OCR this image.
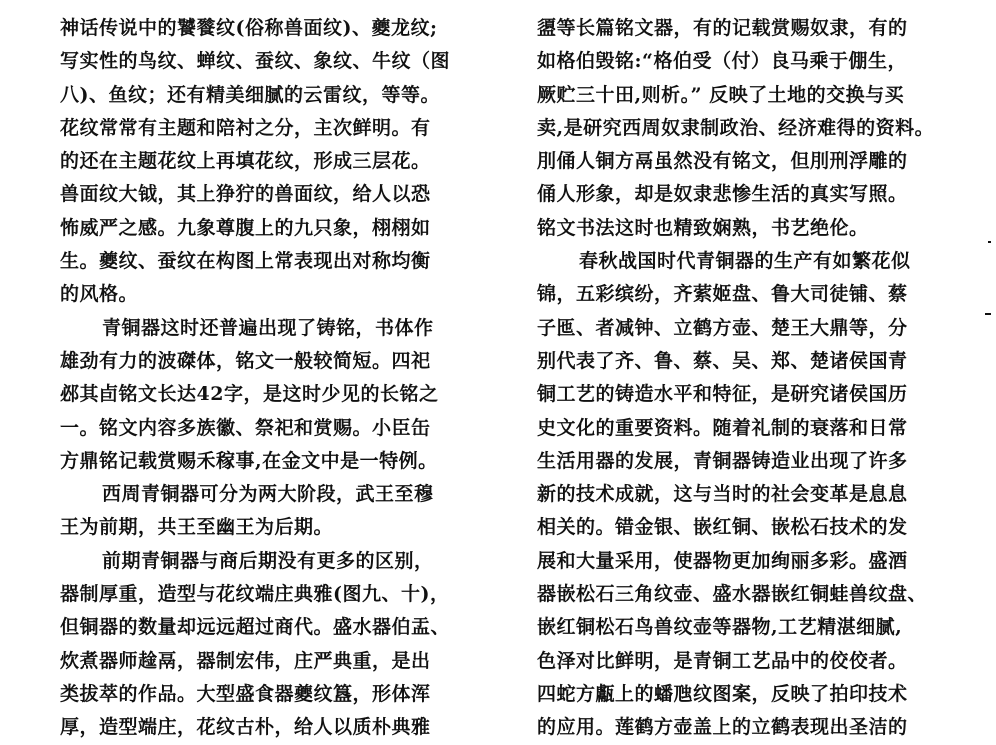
神话传说中的饕餮纹(俗称兽面纹)、夔龙纹;
写实性的鸟纹、蝉纹、蚕纹、象纹、牛纹（图
八)、鱼纹；还有精美细腻的云雷纹，等等。
花纹常常有主题和陪衬之分，主次鲜明。有
的还在主题花纹上再填花纹，形成三层花。
兽面纹大钺，其上狰狞的兽面纹，给人以恐
怖威严之感。九象尊腹上的九只象，栩栩如
生。夔纹、蚕纹在构图上常表现出对称均衡
的风格。
青铜器这时还普遍出现了铸铭，书体作
雄劲有力的波磔体，铭文一般较简短。四祀
邲其卣铭文长达42字，是这时少见的长铭之
一。铭文内容多族徽、祭祀和赏赐。小臣缶
方鼎铭记载赏赐禾稼事,在金文中是一特例。
西周青铜器可分为两大阶段，武王至穆
王为前期，共王至幽王为后期。
前期青铜器与商后期没有更多的区别，
器制厚重，造型与花纹端庄典雅(图九、十)，
但铜器的数量却远远超过商代。盛水器伯盂、
炊煮器师趛鬲，器制宏伟，庄严典重，是出
类拔萃的作品。大型盛食器夔纹簋，形体浑
厚，造型端庄，花纹古朴，给人以质朴典雅
盨等长篇铭文器，有的记载赏赐奴隶，有的
如格伯毁铭:“格伯受（付）良马乘于倗生，
厥贮三十田,则析。” 反映了土地的交换与买
卖,是研究西周奴隶制政治、经济难得的资料。
刖俑人铜方鬲虽然没有铭文，但刖刑浮雕的
俑人形象，却是奴隶悲惨生活的真实写照。
铭文书法这时也精致娴熟，书艺绝伦。
春秋战国时代青铜器的生产有如繁花似
锦，五彩缤纷，齐萦姬盘、鲁大司徒铺、蔡
子匜、者减钟、立鹤方壶、楚王大鼎等，分
别代表了齐、鲁、蔡、吴、郑、楚诸侯国青
铜工艺的铸造水平和特征，是研究诸侯国历
史文化的重要资料。随着礼制的衰落和日常
生活用器的发展，青铜器铸造业出现了许多
新的技术成就，这与当时的社会变革是息息
相关的。错金银、嵌红铜、嵌松石技术的发
展和大量采用，使器物更加绚丽多彩。盛酒
器嵌松石三角纹壶、盛水器嵌红铜蛙兽纹盘、
嵌红铜松石鸟兽纹壶等器物,工艺精湛细腻,
色泽对比鲜明，是青铜工艺品中的佼佼者。
四蛇方甗上的蟠虺纹图案，反映了拍印技术
的应用。莲鹤方壶盖上的立鹤表现出圣洁的
